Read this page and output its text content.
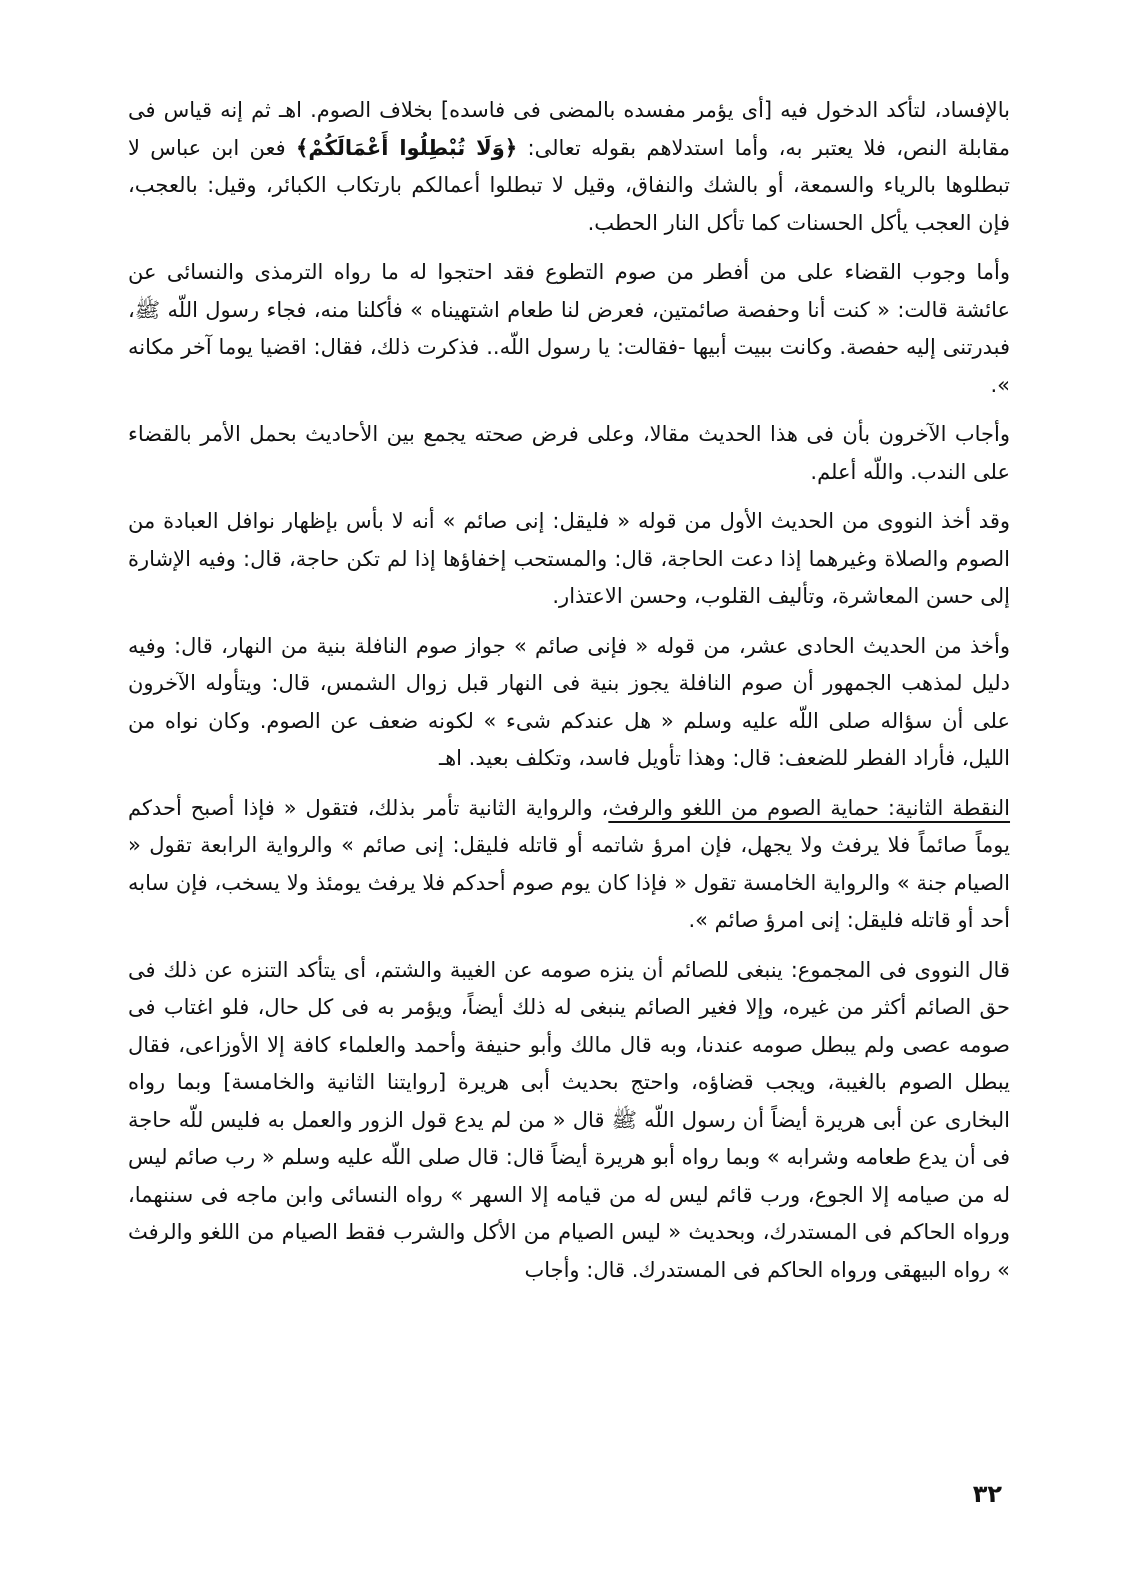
بالإفساد، لتأكد الدخول فيه [أى يؤمر مفسده بالمضى فى فاسده] بخلاف الصوم. اهـ ثم إنه قياس فى مقابلة النص، فلا يعتبر به، وأما استدلاهم بقوله تعالى: ﴿وَلَا تُبْطِلُوا أَعْمَالَكُمْ﴾ فعن ابن عباس لا تبطلوها بالرياء والسمعة، أو بالشك والنفاق، وقيل لا تبطلوا أعمالكم بارتكاب الكبائر، وقيل: بالعجب، فإن العجب يأكل الحسنات كما تأكل النار الحطب.

وأما وجوب القضاء على من أفطر من صوم التطوع فقد احتجوا له ما رواه الترمذى والنسائى عن عائشة قالت: « كنت أنا وحفصة صائمتين، فعرض لنا طعام اشتهيناه » فأكلنا منه، فجاء رسول اللّه ﷺ، فبدرتنى إليه حفصة. وكانت ببيت أبيها -فقالت: يا رسول اللّه.. فذكرت ذلك، فقال: اقضيا يوما آخر مكانه ».

وأجاب الآخرون بأن فى هذا الحديث مقالا، وعلى فرض صحته يجمع بين الأحاديث بحمل الأمر بالقضاء على الندب. واللّه أعلم.

وقد أخذ النووى من الحديث الأول من قوله « فليقل: إنى صائم » أنه لا بأس بإظهار نوافل العبادة من الصوم والصلاة وغيرهما إذا دعت الحاجة، قال: والمستحب إخفاؤها إذا لم تكن حاجة، قال: وفيه الإشارة إلى حسن المعاشرة، وتأليف القلوب، وحسن الاعتذار.

وأخذ من الحديث الحادى عشر، من قوله « فإنى صائم » جواز صوم النافلة بنية من النهار، قال: وفيه دليل لمذهب الجمهور أن صوم النافلة يجوز بنية فى النهار قبل زوال الشمس، قال: ويتأوله الآخرون على أن سؤاله صلى اللّه عليه وسلم « هل عندكم شىء » لكونه ضعف عن الصوم. وكان نواه من الليل، فأراد الفطر للضعف: قال: وهذا تأويل فاسد، وتكلف بعيد. اهـ

النقطة الثانية: حماية الصوم من اللغو والرفث، والرواية الثانية تأمر بذلك، فتقول « فإذا أصبح أحدكم يوماً صائماً فلا يرفث ولا يجهل، فإن امرؤ شاتمه أو قاتله فليقل: إنى صائم » والرواية الرابعة تقول « الصيام جنة » والرواية الخامسة تقول « فإذا كان يوم صوم أحدكم فلا يرفث يومئذ ولا يسخب، فإن سابه أحد أو قاتله فليقل: إنى امرؤ صائم ».

قال النووى فى المجموع: ينبغى للصائم أن ينزه صومه عن الغيبة والشتم، أى يتأكد التنزه عن ذلك فى حق الصائم أكثر من غيره، وإلا فغير الصائم ينبغى له ذلك أيضاً، ويؤمر به فى كل حال، فلو اغتاب فى صومه عصى ولم يبطل صومه عندنا، وبه قال مالك وأبو حنيفة وأحمد والعلماء كافة إلا الأوزاعى، فقال يبطل الصوم بالغيبة، ويجب قضاؤه، واحتج بحديث أبى هريرة [روايتنا الثانية والخامسة] وبما رواه البخارى عن أبى هريرة أيضاً أن رسول اللّه ﷺ قال « من لم يدع قول الزور والعمل به فليس للّه حاجة فى أن يدع طعامه وشرابه » وبما رواه أبو هريرة أيضاً قال: قال صلى اللّه عليه وسلم « رب صائم ليس له من صيامه إلا الجوع، ورب قائم ليس له من قيامه إلا السهر » رواه النسائى وابن ماجه فى سننهما، ورواه الحاكم فى المستدرك، وبحديث « ليس الصيام من الأكل والشرب فقط الصيام من اللغو والرفث » رواه البيهقى ورواه الحاكم فى المستدرك. قال: وأجاب

٣٢
